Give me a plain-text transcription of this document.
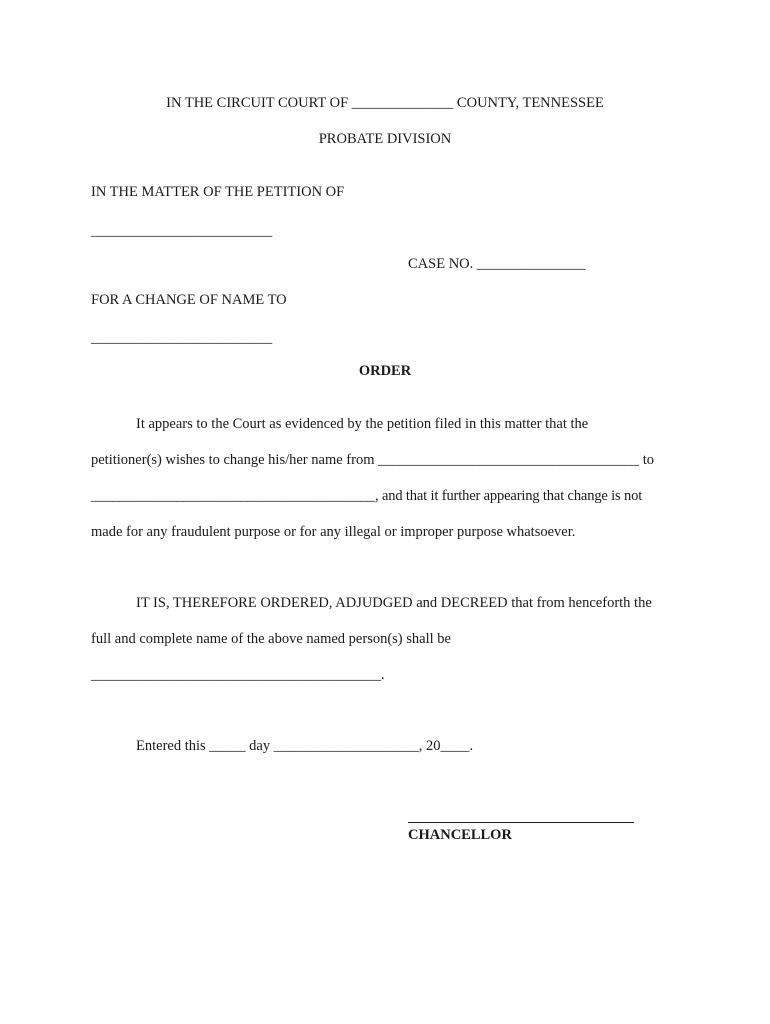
IN THE CIRCUIT COURT OF ______________ COUNTY, TENNESSEE
PROBATE DIVISION
IN THE MATTER OF THE PETITION OF
_________________________
CASE NO. _______________
FOR A CHANGE OF NAME TO
_________________________
ORDER
It appears to the Court as evidenced by the petition filed in this matter that the
petitioner(s) wishes to change his/her name from ____________________________________ to
________________________________________, and that it further appearing that change is not
made for any fraudulent purpose or for any illegal or improper purpose whatsoever.
IT IS, THEREFORE ORDERED, ADJUDGED and DECREED that from henceforth the
full and complete name of the above named person(s) shall be
________________________________________.
Entered this _____ day ____________________, 20____.
CHANCELLOR
